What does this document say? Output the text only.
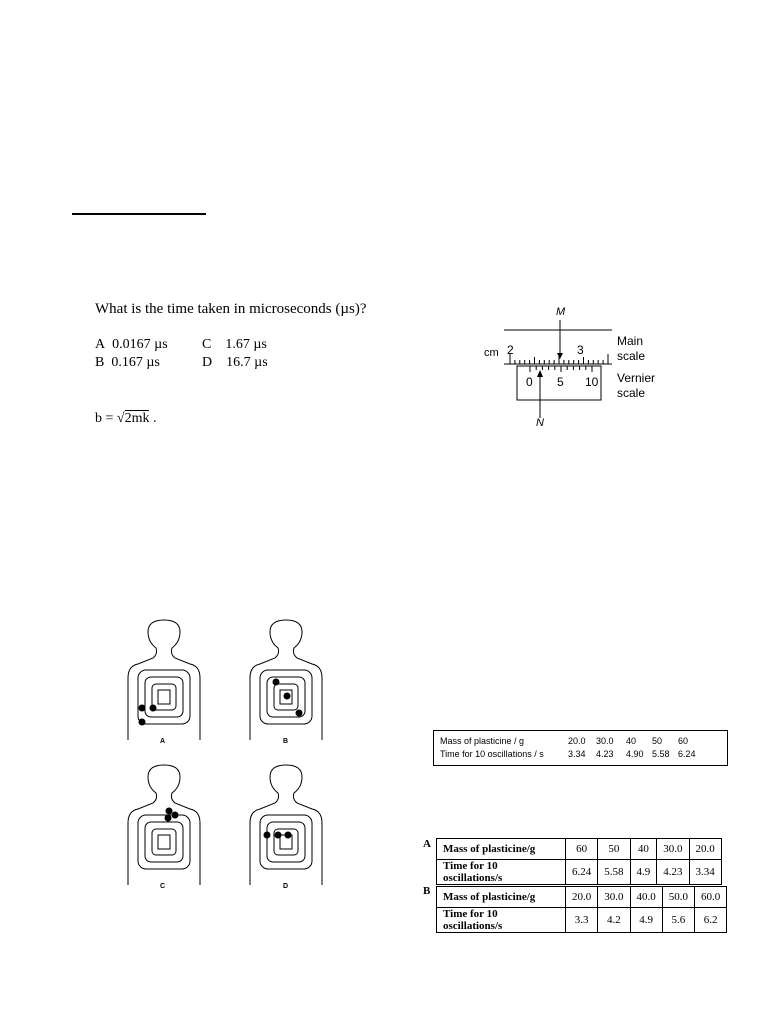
What is the time taken in microseconds (µs)?
A 0.0167 µs C 1.67 µs
B 0.167 µs	D 16.7 µs
b = √2mk .
M
cm 2	3
0 5 10
N
Main
scale
Vernier
scale
A	B
C	D
Mass of plasticine / g	20.0	30.0	40	50	60
Time for 10 oscillations / s	3.34	4.23	4.90 5.58 6.24
A Mass of plasticine/g	60	50	40	30.0	20.0
Time for 10 oscillations/s	6.24	5.58	4.9	4.23	3.34
B Mass of plasticine/g	20.0	30.0	40.0	50.0	60.0
Time for 10 oscillations/s	3.3	4.2	4.9	5.6	6.2
